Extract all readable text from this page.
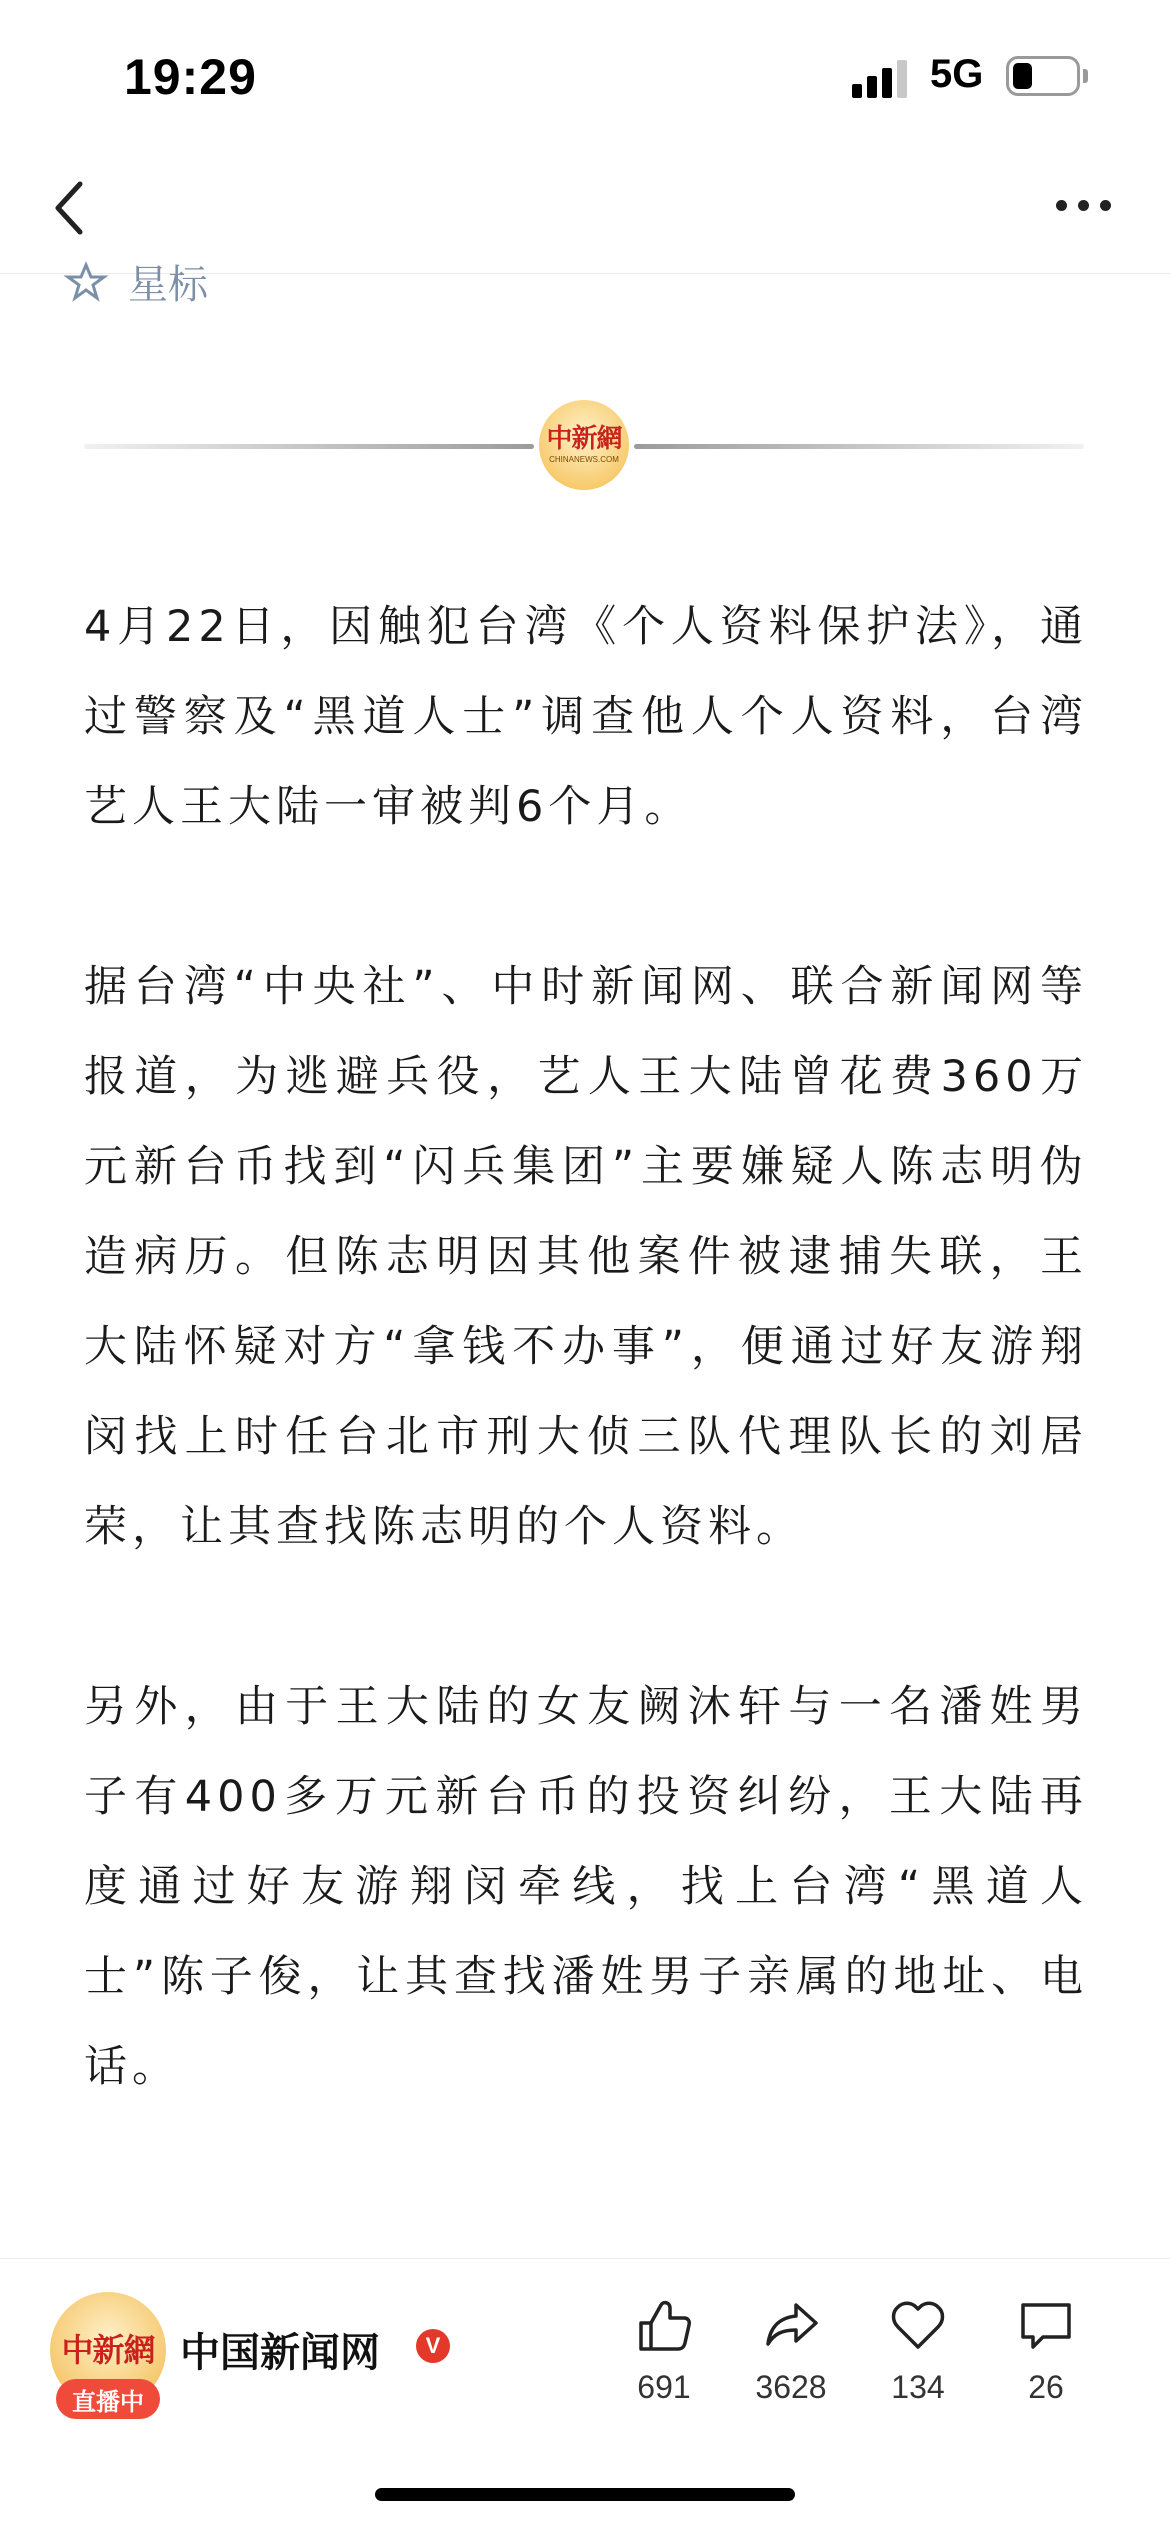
19:29	5G
星标
中新網
CHINANEWS.COM

4月22日，因触犯台湾《个人资料保护法》，通过警察及“黑道人士”调查他人个人资料，台湾艺人王大陆一审被判6个月。

据台湾“中央社”、中时新闻网、联合新闻网等报道，为逃避兵役，艺人王大陆曾花费360万元新台币找到“闪兵集团”主要嫌疑人陈志明伪造病历。但陈志明因其他案件被逮捕失联，王大陆怀疑对方“拿钱不办事”，便通过好友游翔闵找上时任台北市刑大侦三队代理队长的刘居荣，让其查找陈志明的个人资料。

另外，由于王大陆的女友阙沐轩与一名潘姓男子有400多万元新台币的投资纠纷，王大陆再度通过好友游翔闵牵线，找上台湾“黑道人士”陈子俊，让其查找潘姓男子亲属的地址、电话。

中新網
直播中
中国新闻网	V
691	3628	134	26
